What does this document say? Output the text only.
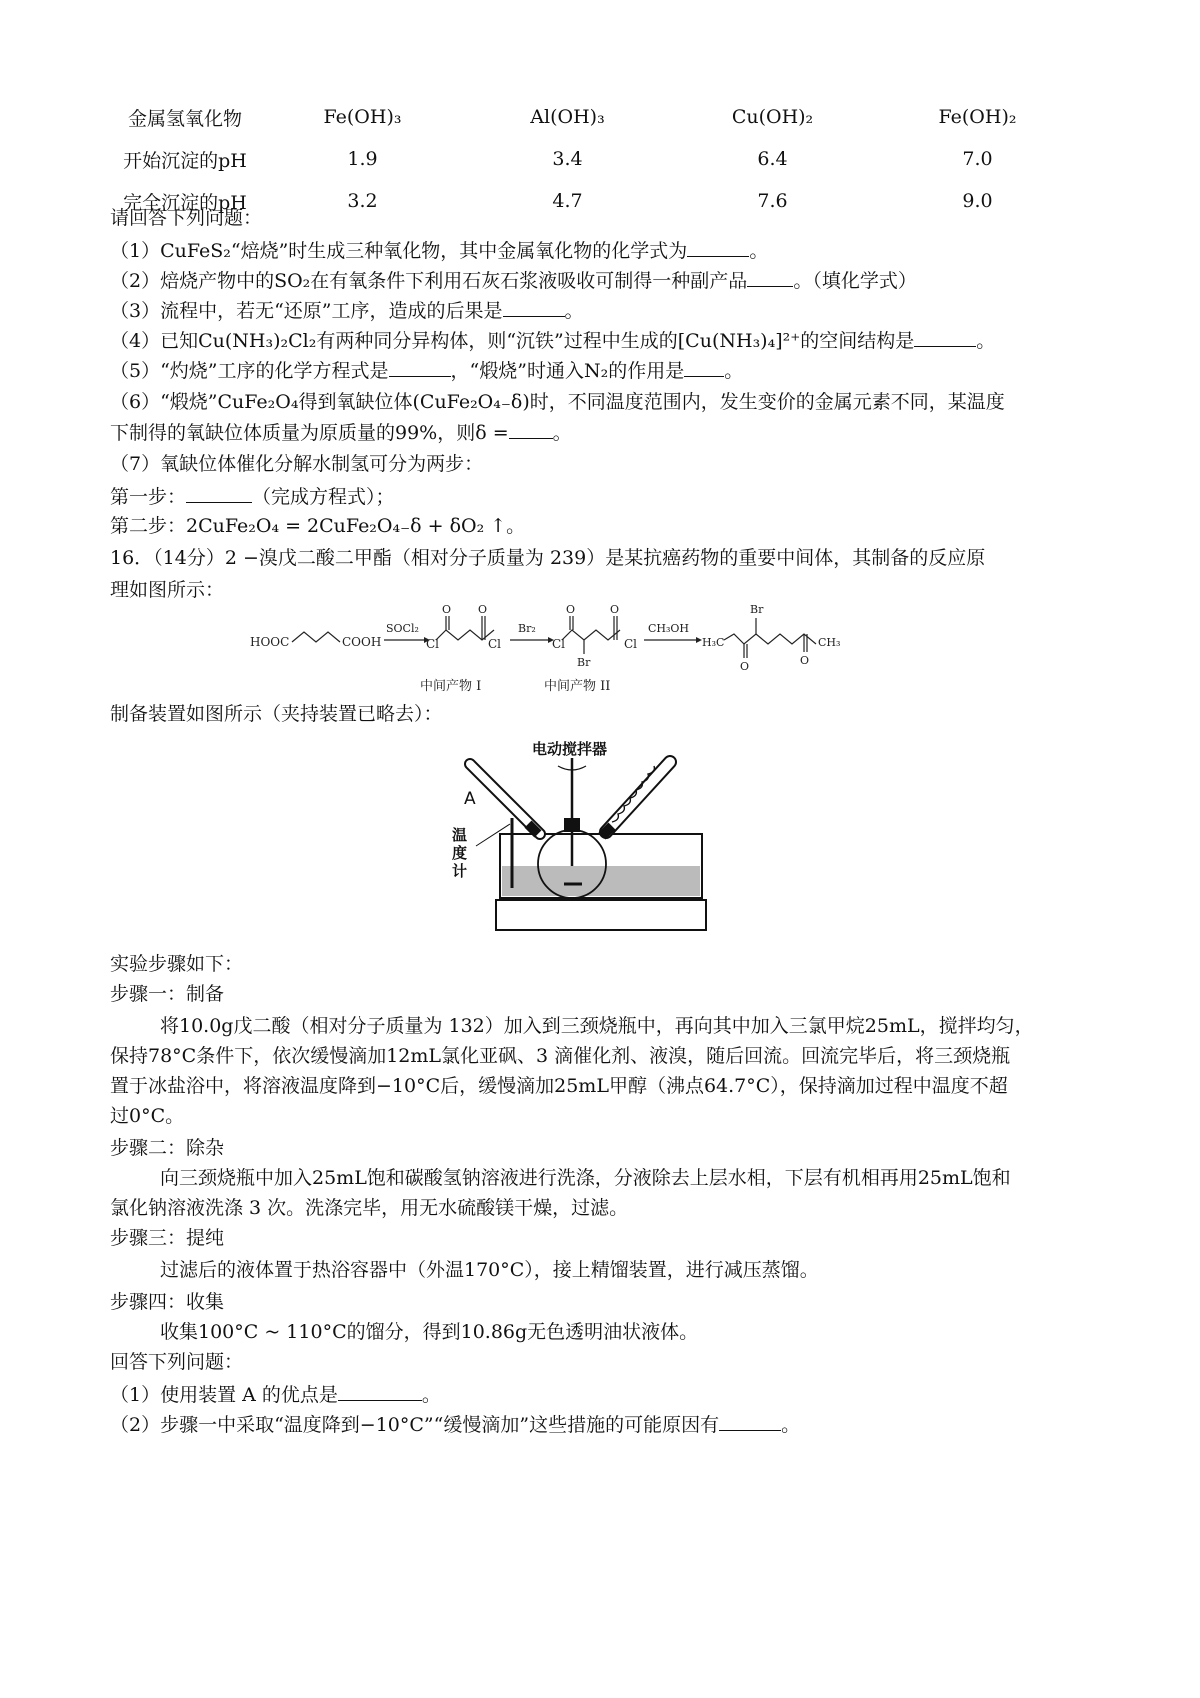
金属氢氧化物	Fe(OH)₃	Al(OH)₃	Cu(OH)₂	Fe(OH)₂
开始沉淀的pH	1.9	3.4	6.4	7.0
完全沉淀的pH	3.2	4.7	7.6	9.0
请回答下列问题：
（1）CuFeS₂“焙烧”时生成三种氧化物，其中金属氧化物的化学式为	。
（2）焙烧产物中的SO₂在有氧条件下利用石灰石浆液吸收可制得一种副产品 。（填化学式）
（3）流程中，若无“还原”工序，造成的后果是	。
（4）已知Cu(NH₃)₂Cl₂有两种同分异构体，则“沉铁”过程中生成的[Cu(NH₃)₄]²⁺的空间结构是	。
（5）“灼烧”工序的化学方程式是	，“煅烧”时通入N₂的作用是 。
（6）“煅烧”CuFe₂O₄得到氧缺位体(CuFe₂O₄₋δ)时，不同温度范围内，发生变价的金属元素不同，某温度
下制得的氧缺位体质量为原质量的99%，则δ = 。
（7）氧缺位体催化分解水制氢可分为两步：
第一步：	（完成方程式）；
第二步：2CuFe₂O₄ = 2CuFe₂O₄₋δ + δO₂ ↑。
16．（14分）2 −溴戊二酸二甲酯（相对分子质量为 239）是某抗癌药物的重要中间体，其制备的反应原
理如图所示：
HOOC	COOH
SOCl₂
Cl
O O
Cl
Br₂
Cl
O
Br
O
Cl
CH₃OH
H₃C
Br
O	O
CH₃
中间产物 I	中间产物 II
制备装置如图所示（夹持装置已略去）：
电动搅拌器
A
温
度
计
实验步骤如下：
步骤一：制备
将10.0g戊二酸（相对分子质量为 132）加入到三颈烧瓶中，再向其中加入三氯甲烷25mL，搅拌均匀，
保持78°C条件下，依次缓慢滴加12mL氯化亚砜、3 滴催化剂、液溴，随后回流。回流完毕后，将三颈烧瓶
置于冰盐浴中，将溶液温度降到−10°C后，缓慢滴加25mL甲醇（沸点64.7°C），保持滴加过程中温度不超
过0°C。
步骤二：除杂
向三颈烧瓶中加入25mL饱和碳酸氢钠溶液进行洗涤，分液除去上层水相，下层有机相再用25mL饱和
氯化钠溶液洗涤 3 次。洗涤完毕，用无水硫酸镁干燥，过滤。
步骤三：提纯
过滤后的液体置于热浴容器中（外温170°C），接上精馏装置，进行减压蒸馏。
步骤四：收集
收集100°C ~ 110°C的馏分，得到10.86g无色透明油状液体。
回答下列问题：
（1）使用装置 A 的优点是	。
（2）步骤一中采取“温度降到−10°C”“缓慢滴加”这些措施的可能原因有	。
